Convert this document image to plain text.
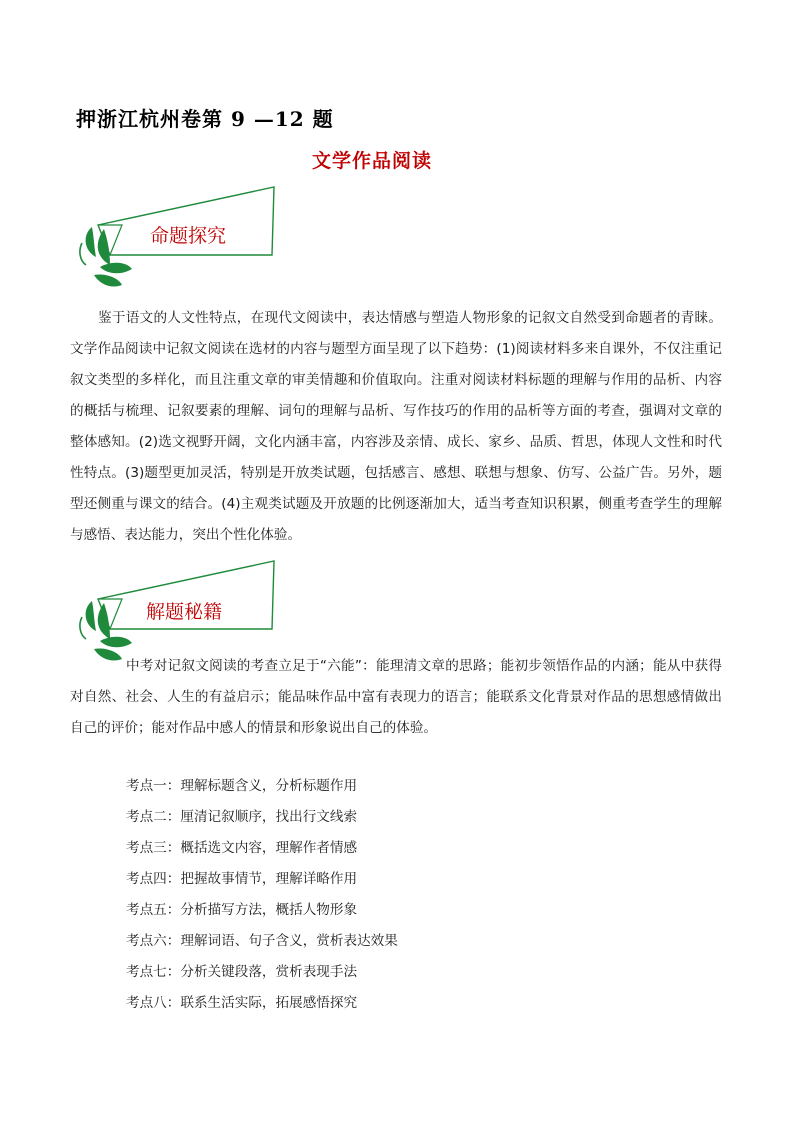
押浙江杭州卷第 9 —12 题
文学作品阅读
命题探究
鉴于语文的人文性特点，在现代文阅读中，表达情感与塑造人物形象的记叙文自然受到命题者的青睐。文学作品阅读中记叙文阅读在选材的内容与题型方面呈现了以下趋势：(1)阅读材料多来自课外，不仅注重记叙文类型的多样化，而且注重文章的审美情趣和价值取向。注重对阅读材料标题的理解与作用的品析、内容的概括与梳理、记叙要素的理解、词句的理解与品析、写作技巧的作用的品析等方面的考查，强调对文章的整体感知。(2)选文视野开阔，文化内涵丰富，内容涉及亲情、成长、家乡、品质、哲思，体现人文性和时代性特点。(3)题型更加灵活，特别是开放类试题，包括感言、感想、联想与想象、仿写、公益广告。另外，题型还侧重与课文的结合。(4)主观类试题及开放题的比例逐渐加大，适当考查知识积累，侧重考查学生的理解与感悟、表达能力，突出个性化体验。
解题秘籍
中考对记叙文阅读的考查立足于“六能”：能理清文章的思路；能初步领悟作品的内涵；能从中获得对自然、社会、人生的有益启示；能品味作品中富有表现力的语言；能联系文化背景对作品的思想感情做出自己的评价；能对作品中感人的情景和形象说出自己的体验。
考点一：理解标题含义，分析标题作用
考点二：厘清记叙顺序，找出行文线索
考点三：概括选文内容，理解作者情感
考点四：把握故事情节，理解详略作用
考点五：分析描写方法，概括人物形象
考点六：理解词语、句子含义，赏析表达效果
考点七：分析关键段落，赏析表现手法
考点八：联系生活实际，拓展感悟探究
